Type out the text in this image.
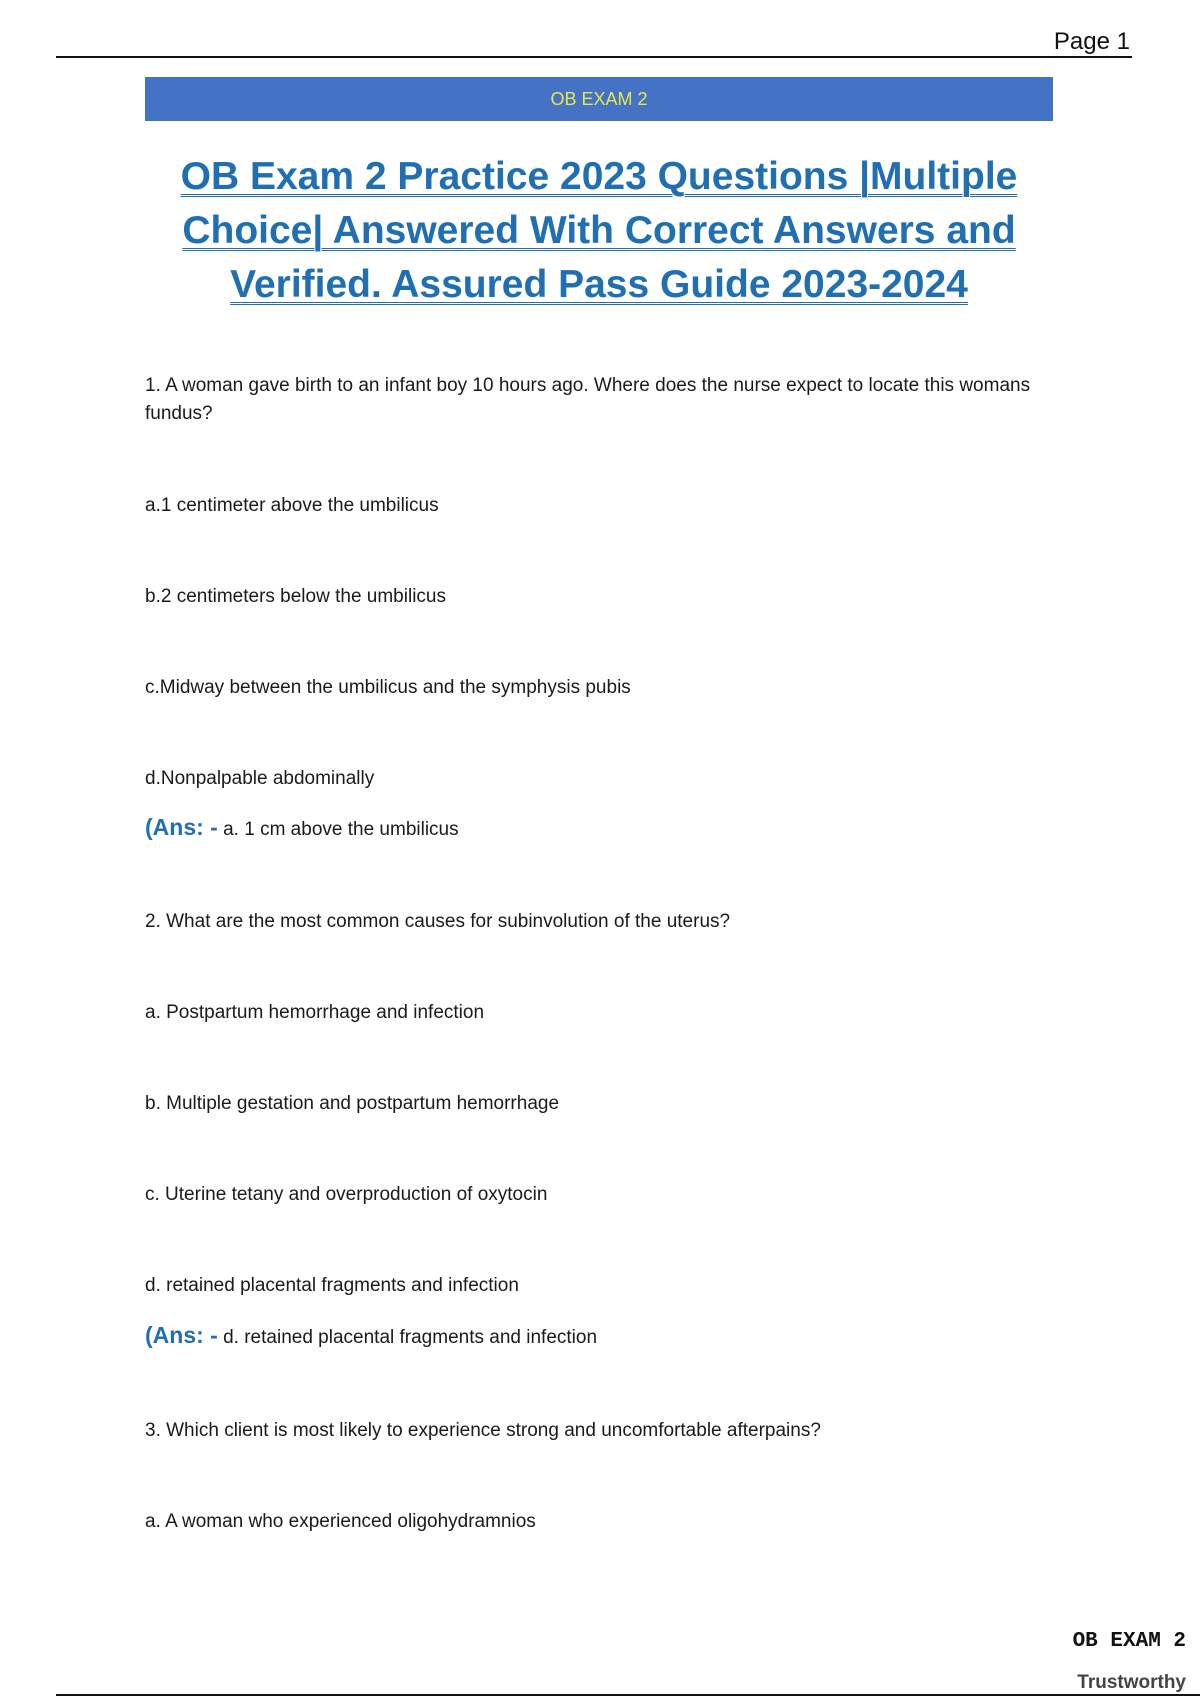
Page 1
OB EXAM 2
OB Exam 2 Practice 2023 Questions |Multiple Choice| Answered With Correct Answers and Verified. Assured Pass Guide 2023-2024

1. A woman gave birth to an infant boy 10 hours ago. Where does the nurse expect to locate this womans fundus?

a.1 centimeter above the umbilicus

b.2 centimeters below the umbilicus

c.Midway between the umbilicus and the symphysis pubis

d.Nonpalpable abdominally

(Ans: - a. 1 cm above the umbilicus

2. What are the most common causes for subinvolution of the uterus?

a. Postpartum hemorrhage and infection

b. Multiple gestation and postpartum hemorrhage

c. Uterine tetany and overproduction of oxytocin

d. retained placental fragments and infection

(Ans: - d. retained placental fragments and infection

3. Which client is most likely to experience strong and uncomfortable afterpains?

a. A woman who experienced oligohydramnios

OB EXAM 2
Trustworthy
